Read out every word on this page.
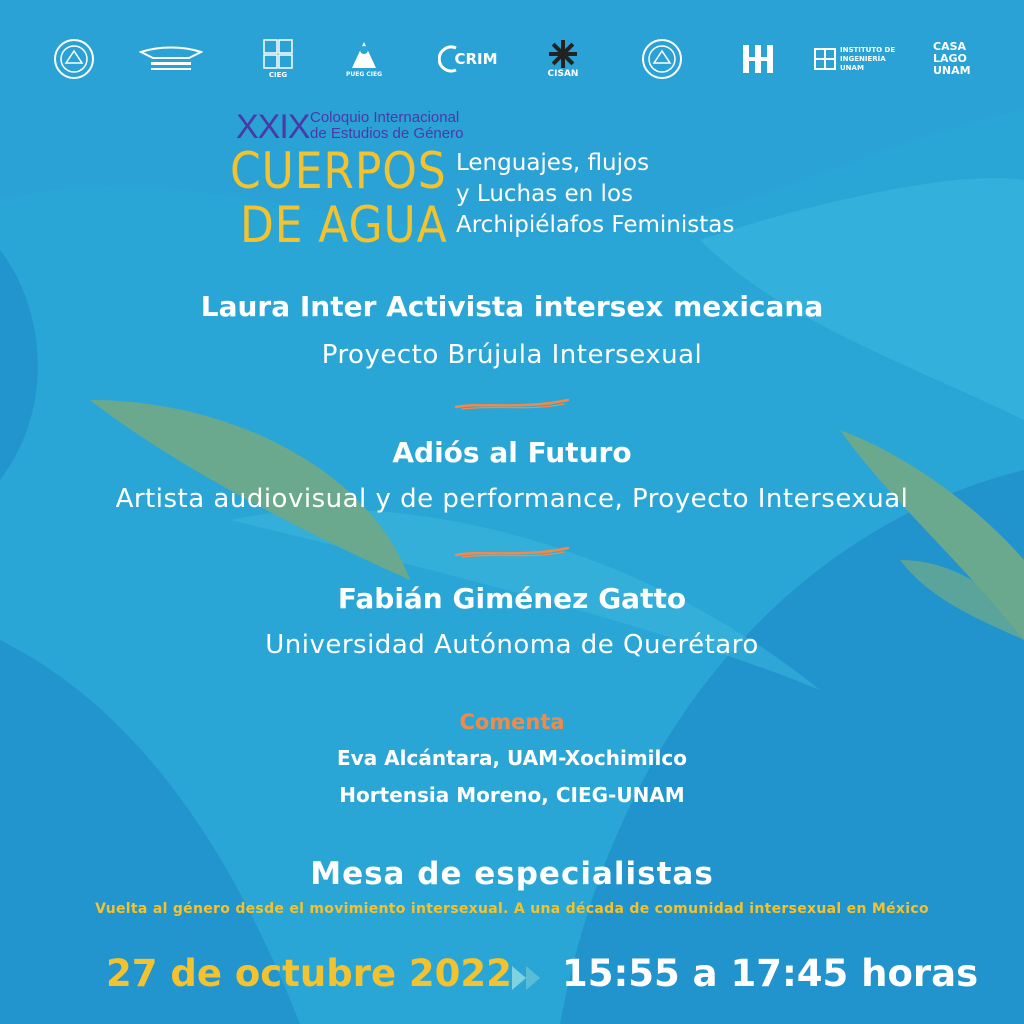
CIEG	PUEG CIEG
CRIM
CISAN
INSTITUTO DE INGENIERÍA UNAM
CASA LAGO UNAM
XXIX Coloquio Internacional
de Estudios de Género
CUERPOS
DE AGUA
Lenguajes, flujos
y Luchas en los
Archipiélafos Feministas
Laura Inter Activista intersex mexicana
Proyecto Brújula Intersexual
Adiós al Futuro
Artista audiovisual y de performance, Proyecto Intersexual
Fabián Giménez Gatto
Universidad Autónoma de Querétaro
Comenta
Eva Alcántara, UAM-Xochimilco
Hortensia Moreno, CIEG-UNAM
Mesa de especialistas
Vuelta al género desde el movimiento intersexual. A una década de comunidad intersexual en México
27 de octubre 2022 15:55 a 17:45 horas
